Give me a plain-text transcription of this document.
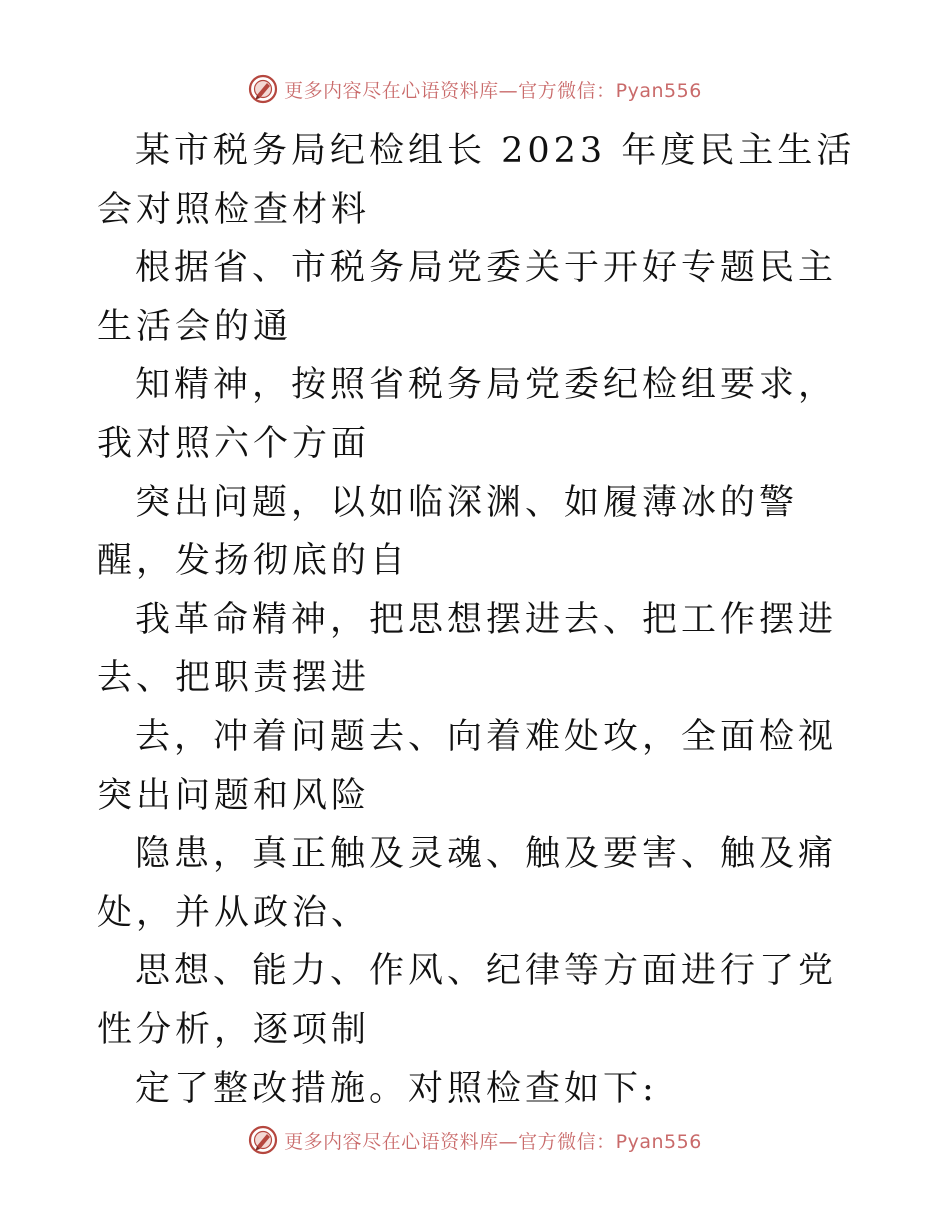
更多内容尽在心语资料库—官方微信：Pyan556

某市税务局纪检组长 2023 年度民主生活会对照检查材料

根据省、市税务局党委关于开好专题民主生活会的通

知精神，按照省税务局党委纪检组要求，我对照六个方面

突出问题，以如临深渊、如履薄冰的警醒，发扬彻底的自

我革命精神，把思想摆进去、把工作摆进去、把职责摆进

去，冲着问题去、向着难处攻，全面检视突出问题和风险

隐患，真正触及灵魂、触及要害、触及痛处，并从政治、

思想、能力、作风、纪律等方面进行了党性分析，逐项制

定了整改措施。对照检查如下:

更多内容尽在心语资料库—官方微信：Pyan556
